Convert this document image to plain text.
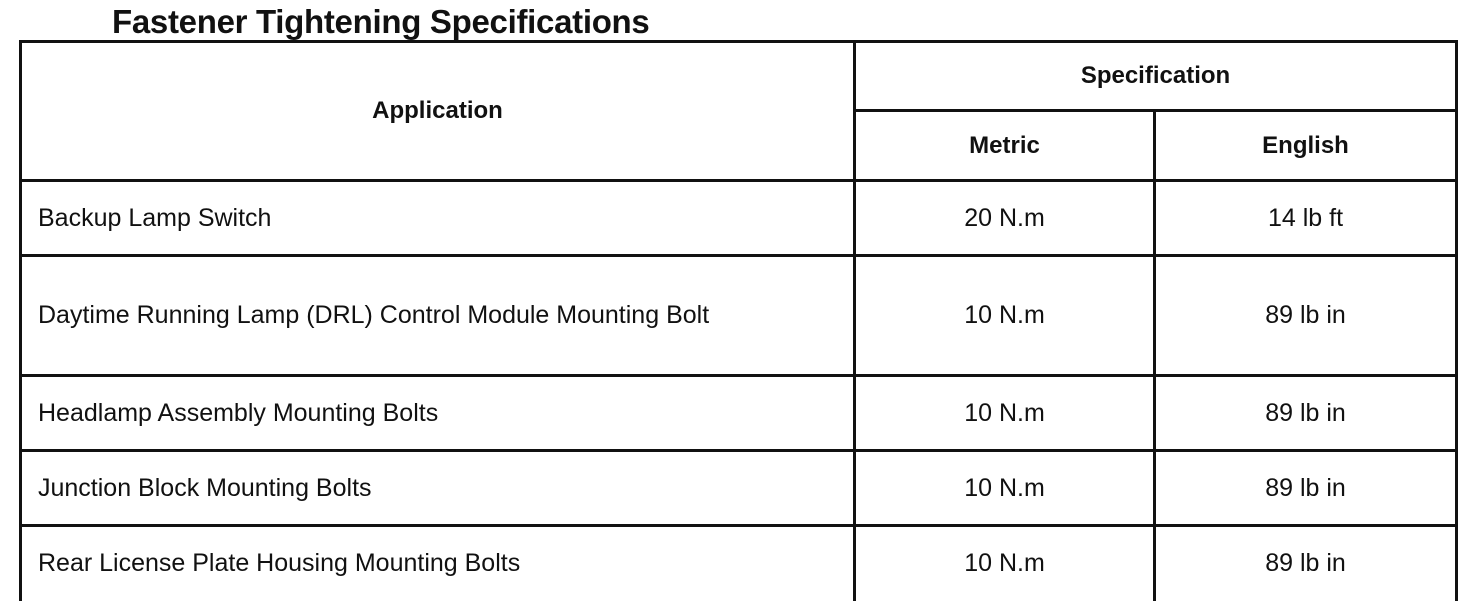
Fastener Tightening Specifications
Application	Specification	
	Metric	English
Backup Lamp Switch	20 N.m	14 lb ft
Daytime Running Lamp (DRL) Control Module Mounting Bolt	10 N.m	89 lb in
Headlamp Assembly Mounting Bolts	10 N.m	89 lb in
Junction Block Mounting Bolts	10 N.m	89 lb in
Rear License Plate Housing Mounting Bolts	10 N.m	89 lb in
